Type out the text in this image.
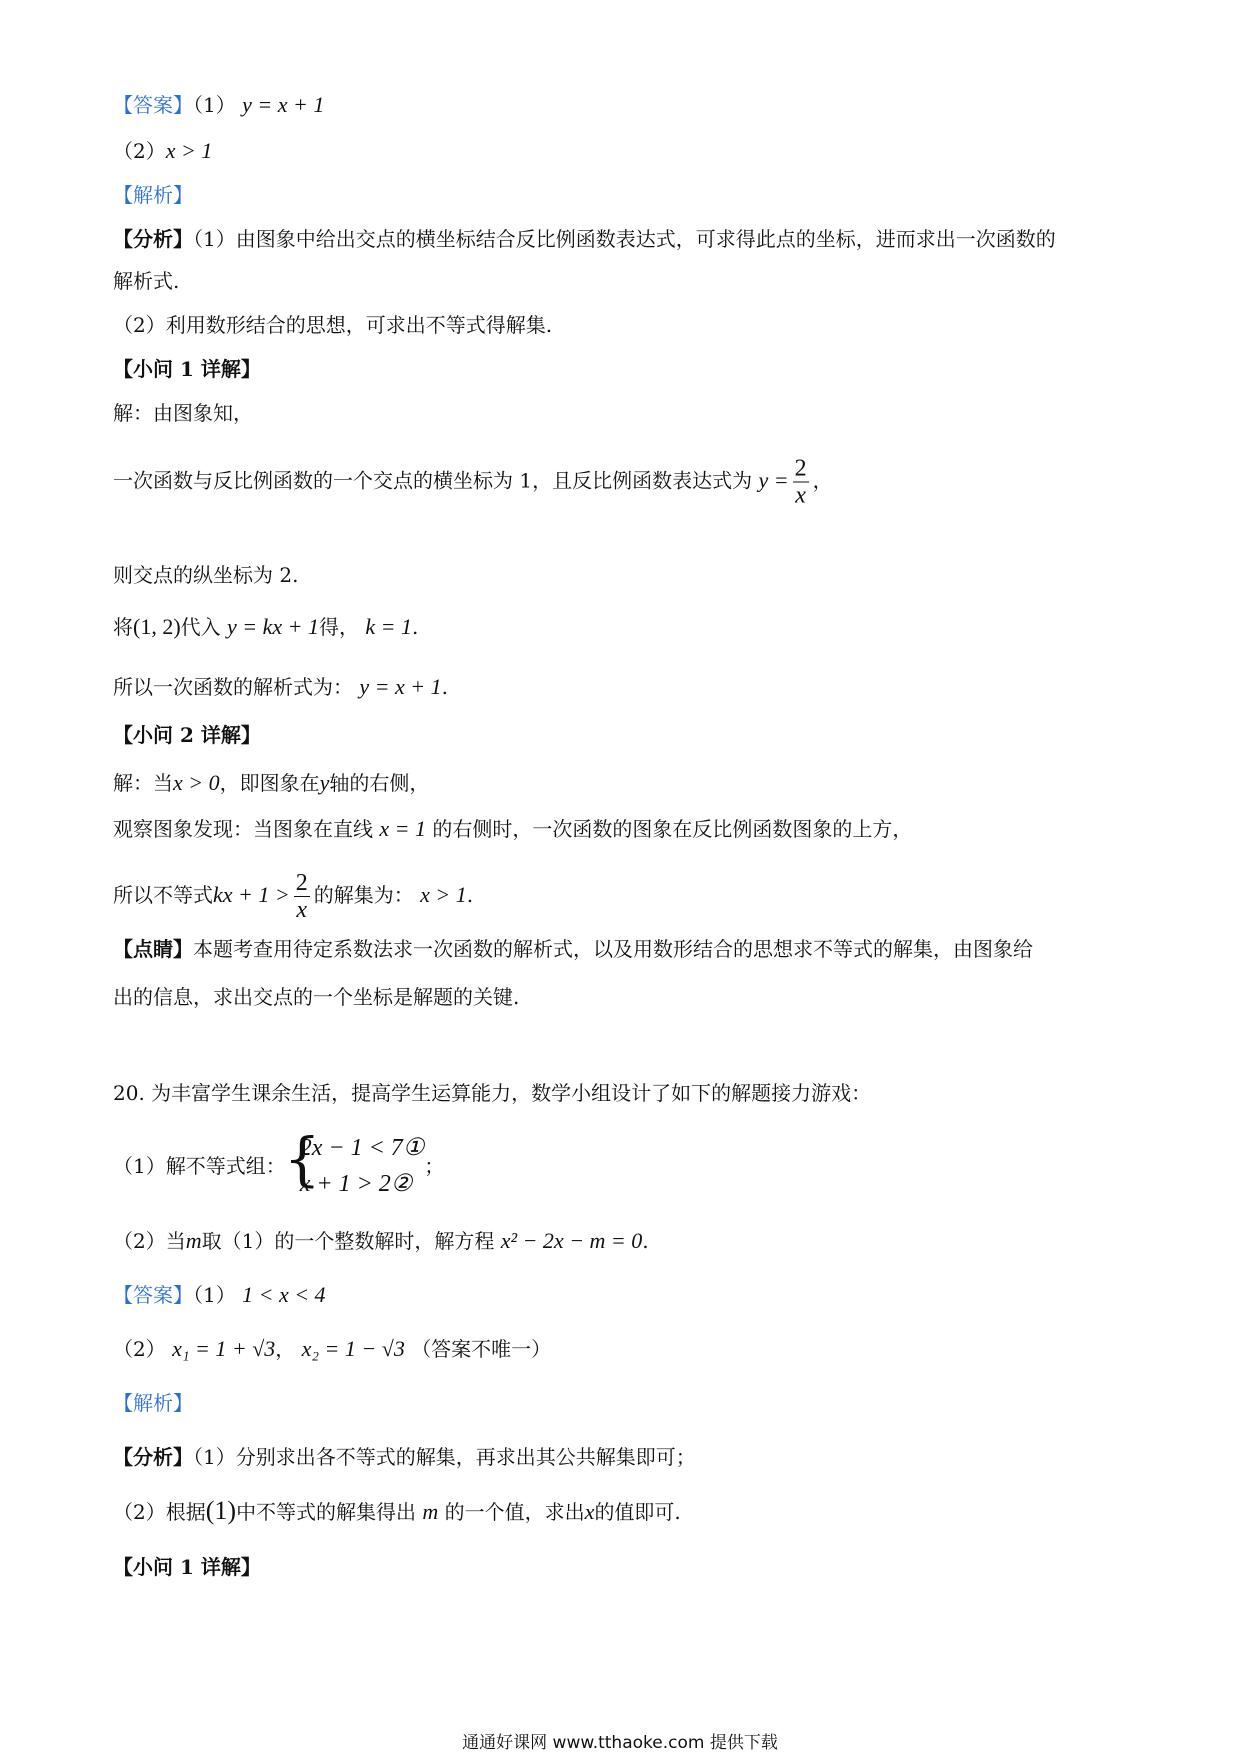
【答案】（1） y = x + 1
（2）x > 1
【解析】
【分析】（1）由图象中给出交点的横坐标结合反比例函数表达式，可求得此点的坐标，进而求出一次函数的
解析式.
（2）利用数形结合的思想，可求出不等式得解集.
【小问 1 详解】
解：由图象知，
一次函数与反比例函数的一个交点的横坐标为 1，且反比例函数表达式为 $y = \frac{2}{x}$ ，
则交点的纵坐标为 2.
将(1, 2)代入 y = kx + 1得， k = 1.
所以一次函数的解析式为： y = x + 1.
【小问 2 详解】
解：当x > 0，即图象在y轴的右侧，
观察图象发现：当图象在直线 x = 1 的右侧时，一次函数的图象在反比例函数图象的上方，
所以不等式kx + $1 > \frac{2}{x}$ 的解集为： x > 1.
【点睛】本题考查用待定系数法求一次函数的解析式，以及用数形结合的思想求不等式的解集，由图象给
出的信息，求出交点的一个坐标是解题的关键.
20. 为丰富学生课余生活，提高学生运算能力，数学小组设计了如下的解题接力游戏：
（1）解不等式组：
{
2x − 1 < 7①
x + 1 > 2②
；
（2）当m取（1）的一个整数解时，解方程 x² − 2x − m = 0.
【答案】（1） 1 < x < 4
（2） x₁ = 1 + √3， x₂ = 1 − √3 （答案不唯一）
【解析】
【分析】（1）分别求出各不等式的解集，再求出其公共解集即可；
（2）根据(1)中不等式的解集得出 m 的一个值，求出x的值即可.
【小问 1 详解】
通通好课网 www.tthaoke.com 提供下载
